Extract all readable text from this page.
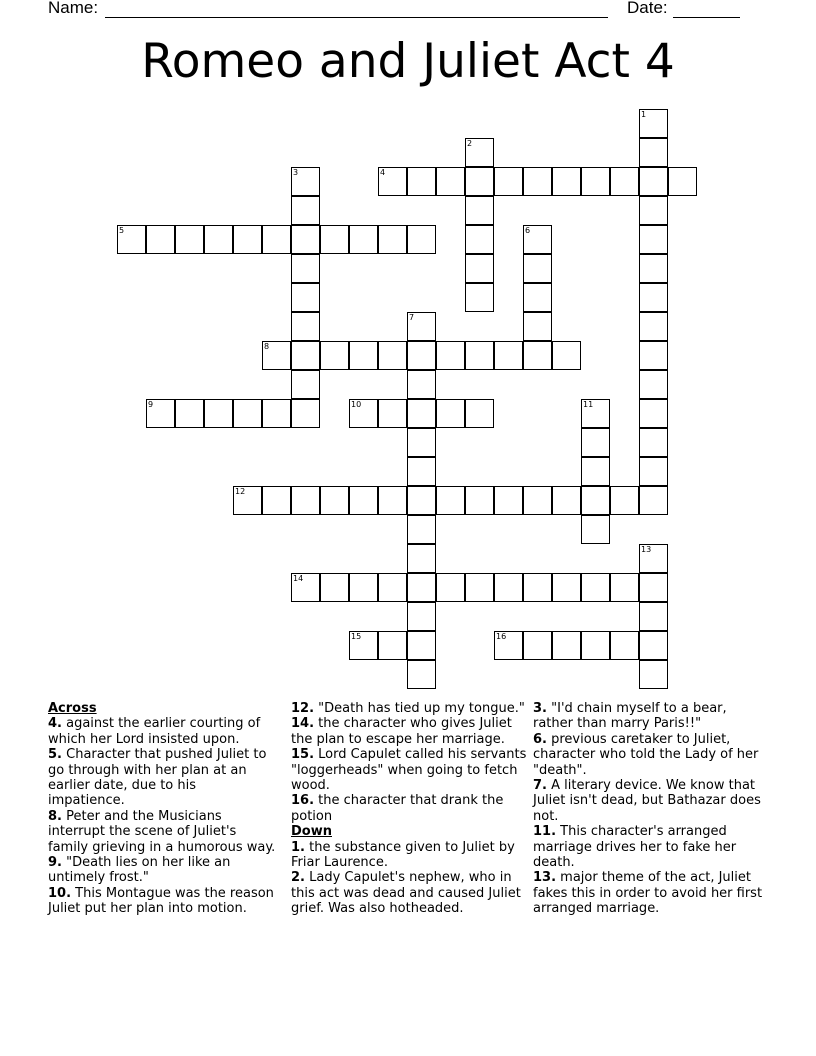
Name:	Date:
Romeo and Juliet Act 4
4
5
8
9	10
12
14
15	16
1
2
3
6
7
11
13
Across
4. against the earlier courting of which her Lord insisted upon.
5. Character that pushed Juliet to go through with her plan at an earlier date, due to his impatience.
8. Peter and the Musicians interrupt the scene of Juliet's family grieving in a humorous way.
9. "Death lies on her like an untimely frost."
10. This Montague was the reason Juliet put her plan into motion.
12. "Death has tied up my tongue."
14. the character who gives Juliet the plan to escape her marriage.
15. Lord Capulet called his servants "loggerheads" when going to fetch wood.
16. the character that drank the potion
Down
1. the substance given to Juliet by Friar Laurence.
2. Lady Capulet's nephew, who in this act was dead and caused Juliet grief. Was also hotheaded.
3. "I'd chain myself to a bear, rather than marry Paris!!"
6. previous caretaker to Juliet, character who told the Lady of her "death".
7. A literary device. We know that Juliet isn't dead, but Bathazar does not.
11. This character's arranged marriage drives her to fake her death.
13. major theme of the act, Juliet fakes this in order to avoid her first arranged marriage.
